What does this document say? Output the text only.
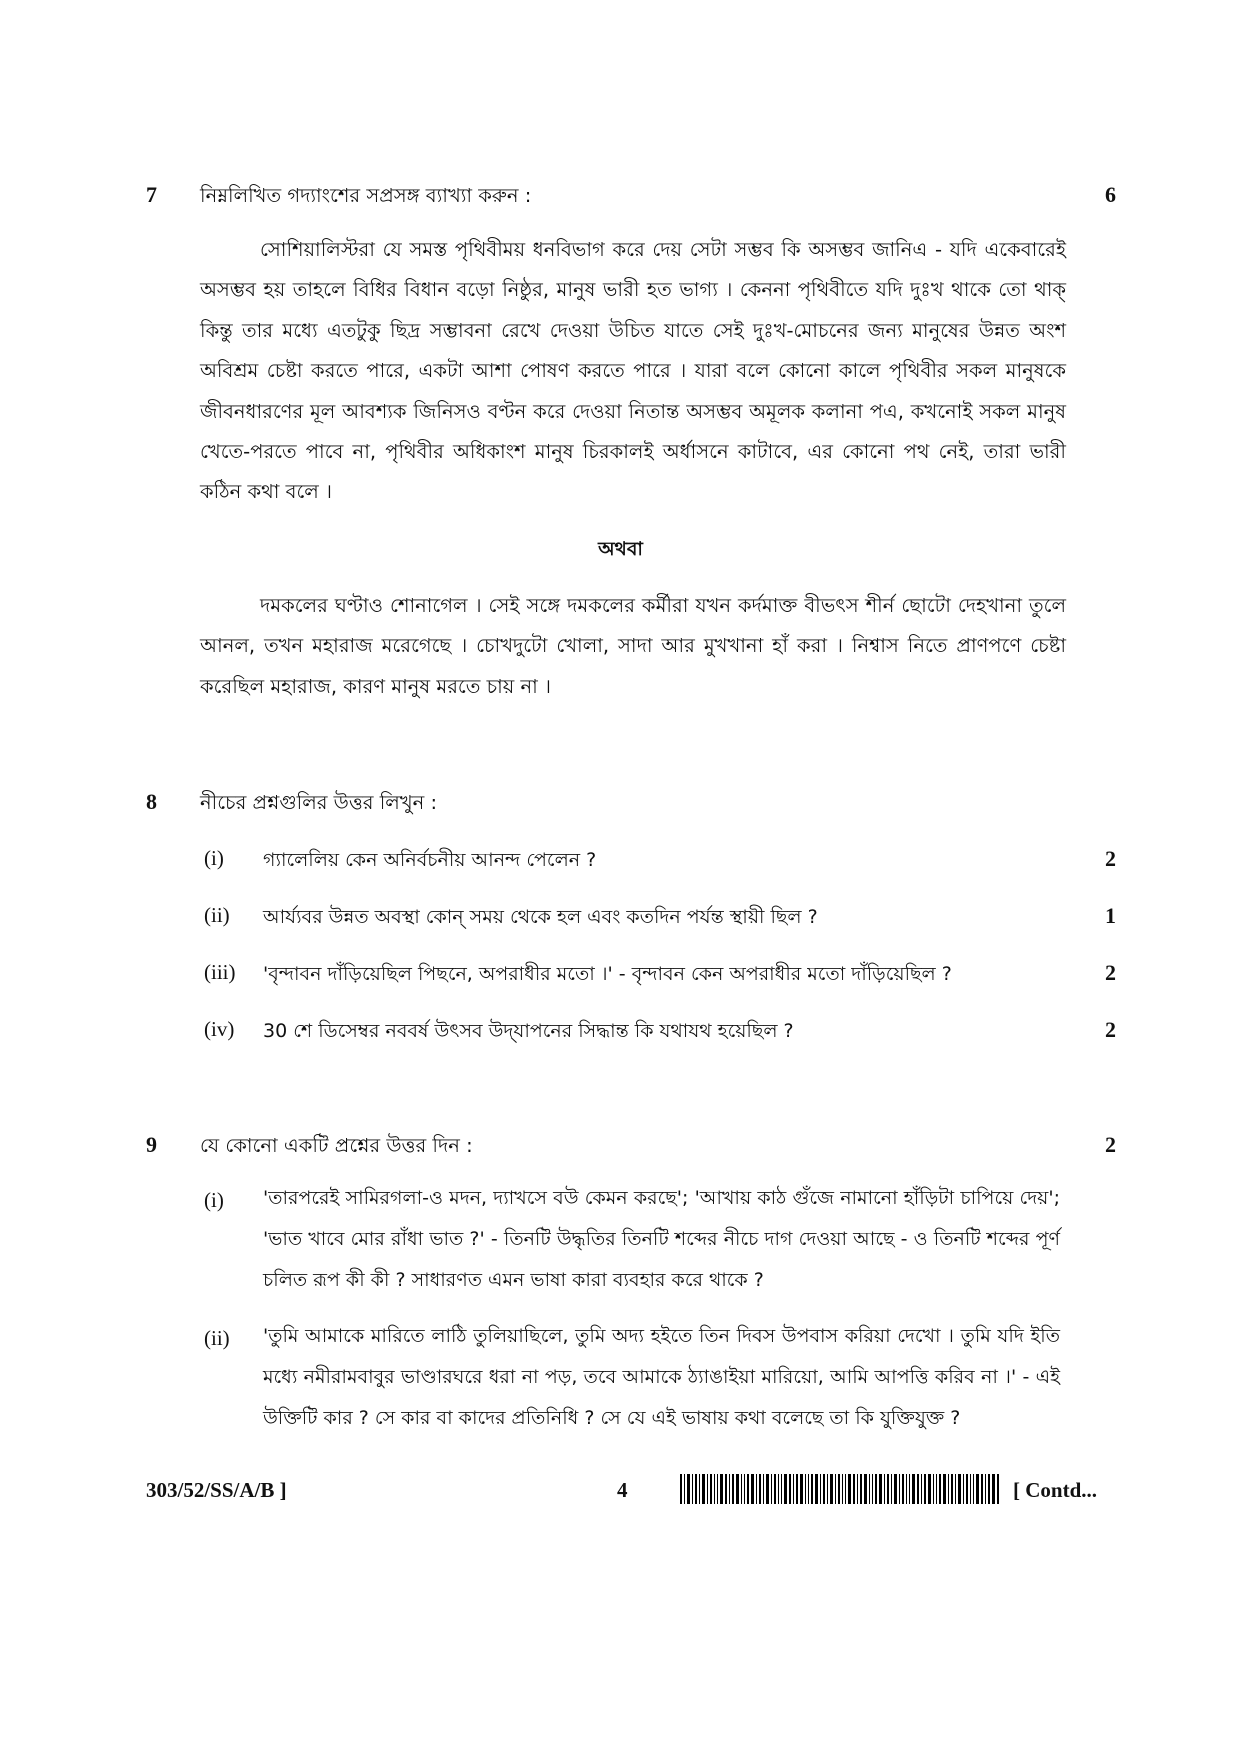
7 নিম্নলিখিত গদ্যাংশের সপ্রসঙ্গ ব্যাখ্যা করুন :	6

সোশিয়ালিস্টরা যে সমস্ত পৃথিবীময় ধনবিভাগ করে দেয় সেটা সম্ভব কি অসম্ভব জানিএ - যদি একেবারেই অসম্ভব হয় তাহলে বিধির বিধান বড়ো নিষ্ঠুর, মানুষ ভারী হত ভাগ্য । কেননা পৃথিবীতে যদি দুঃখ থাকে তো থাক্ কিন্তু তার মধ্যে এতটুকু ছিদ্র সম্ভাবনা রেখে দেওয়া উচিত যাতে সেই দুঃখ-মোচনের জন্য মানুষের উন্নত অংশ অবিশ্রম চেষ্টা করতে পারে, একটা আশা পোষণ করতে পারে । যারা বলে কোনো কালে পৃথিবীর সকল মানুষকে জীবনধারণের মূল আবশ্যক জিনিসও বণ্টন করে দেওয়া নিতান্ত অসম্ভব অমূলক কলানা পএ, কখনোই সকল মানুষ খেতে-পরতে পাবে না, পৃথিবীর অধিকাংশ মানুষ চিরকালই অর্ধাসনে কাটাবে, এর কোনো পথ নেই, তারা ভারী কঠিন কথা বলে ।

অথবা

দমকলের ঘণ্টাও শোনাগেল । সেই সঙ্গে দমকলের কর্মীরা যখন কর্দমাক্ত বীভৎস শীর্ন ছোটো দেহখানা তুলে আনল, তখন মহারাজ মরেগেছে । চোখদুটো খোলা, সাদা আর মুখখানা হাঁ করা । নিশ্বাস নিতে প্রাণপণে চেষ্টা করেছিল মহারাজ, কারণ মানুষ মরতে চায় না ।

8 নীচের প্রশ্নগুলির উত্তর লিখুন :
(i) গ্যালেলিয় কেন অনির্বচনীয় আনন্দ পেলেন ?	2
(ii) আর্য্যবর উন্নত অবস্থা কোন্ সময় থেকে হল এবং কতদিন পর্যন্ত স্থায়ী ছিল ?	1
(iii) 'বৃন্দাবন দাঁড়িয়েছিল পিছনে, অপরাধীর মতো ।' - বৃন্দাবন কেন অপরাধীর মতো দাঁড়িয়েছিল ?	2
(iv) 30 শে ডিসেম্বর নববর্ষ উৎসব উদ্‌যাপনের সিদ্ধান্ত কি যথাযথ হয়েছিল ?	2
9 যে কোনো একটি প্রশ্নের উত্তর দিন :	2
(i) 'তারপরেই সামিরগলা-ও মদন, দ্যাখসে বউ কেমন করছে'; 'আখায় কাঠ গুঁজে নামানো হাঁড়িটা চাপিয়ে দেয়'; 'ভাত খাবে মোর রাঁধা ভাত ?' - তিনটি উদ্ধৃতির তিনটি শব্দের নীচে দাগ দেওয়া আছে - ও তিনটি শব্দের পূর্ণ চলিত রূপ কী কী ? সাধারণত এমন ভাষা কারা ব্যবহার করে থাকে ?

(ii) 'তুমি আমাকে মারিতে লাঠি তুলিয়াছিলে, তুমি অদ্য হইতে তিন দিবস উপবাস করিয়া দেখো । তুমি যদি ইতি মধ্যে নমীরামবাবুর ভাণ্ডারঘরে ধরা না পড়, তবে আমাকে ঠ্যাঙাইয়া মারিয়ো, আমি আপত্তি করিব না ।' - এই উক্তিটি কার ? সে কার বা কাদের প্রতিনিধি ? সে যে এই ভাষায় কথা বলেছে তা কি যুক্তিযুক্ত ?

303/52/SS/A/B ]	4	[ Contd...
